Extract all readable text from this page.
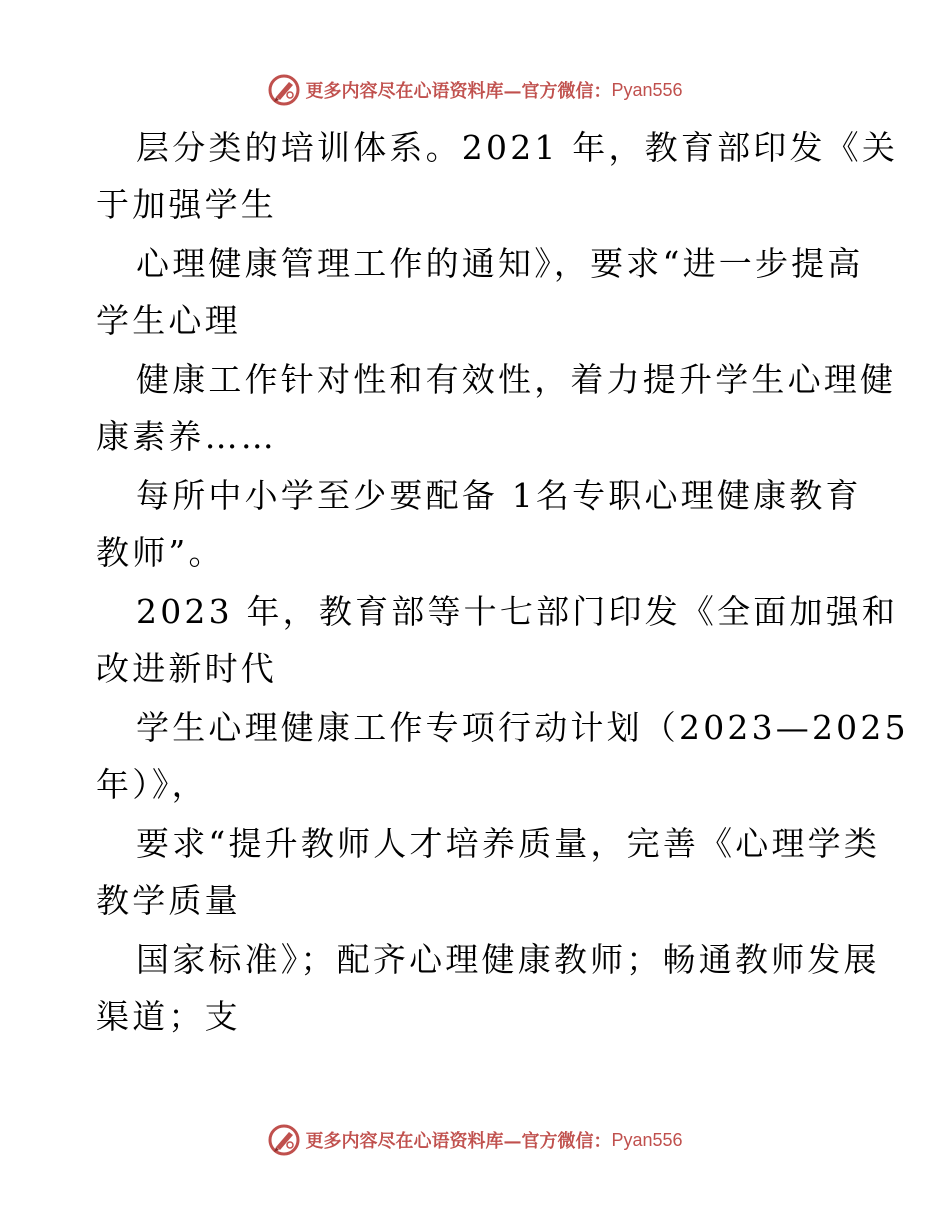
更多内容尽在心语资料库—官方微信： Pyan556
层分类的培训体系。2021 年，教育部印发《关
于加强学生
心理健康管理工作的通知》，要求“进一步提高
学生心理
健康工作针对性和有效性，着力提升学生心理健
康素养……
每所中小学至少要配备 1名专职心理健康教育
教师”。
2023 年，教育部等十七部门印发《全面加强和
改进新时代
学生心理健康工作专项行动计划（2023—2025
年）》，
要求“提升教师人才培养质量，完善《心理学类
教学质量
国家标准》；配齐心理健康教师；畅通教师发展
渠道；支
更多内容尽在心语资料库—官方微信： Pyan556
